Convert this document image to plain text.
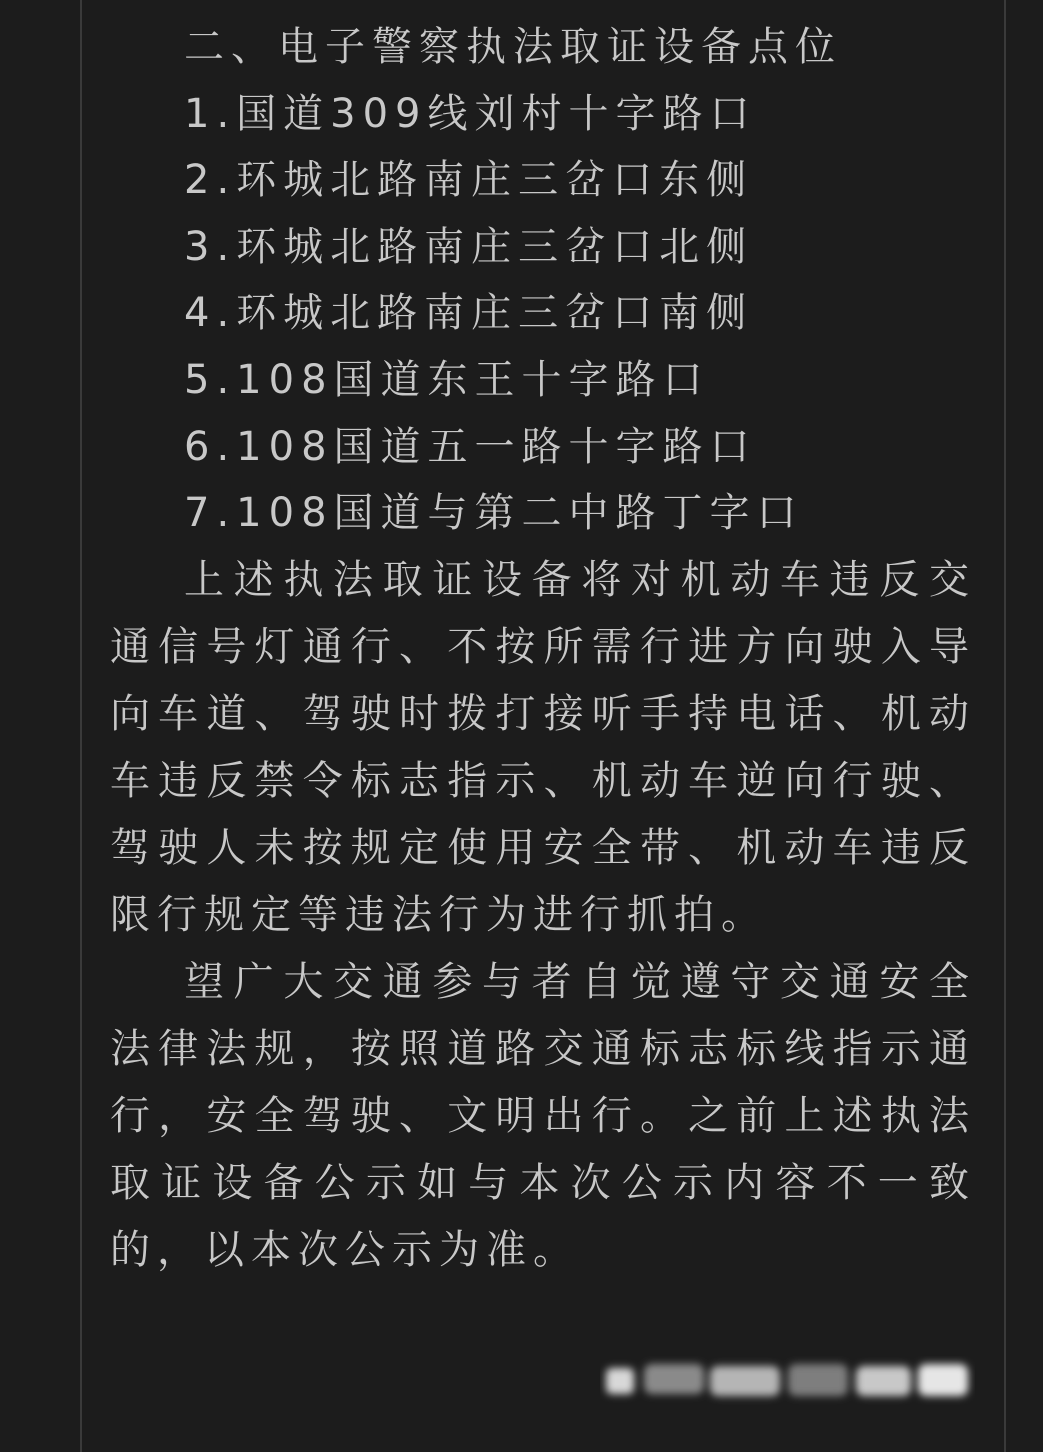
二、电子警察执法取证设备点位
1.国道309线刘村十字路口
2.环城北路南庄三岔口东侧
3.环城北路南庄三岔口北侧
4.环城北路南庄三岔口南侧
5.108国道东王十字路口
6.108国道五一路十字路口
7.108国道与第二中路丁字口

上述执法取证设备将对机动车违反交通信号灯通行、不按所需行进方向驶入导向车道、驾驶时拨打接听手持电话、机动车违反禁令标志指示、机动车逆向行驶、驾驶人未按规定使用安全带、机动车违反限行规定等违法行为进行抓拍。

望广大交通参与者自觉遵守交通安全法律法规，按照道路交通标志标线指示通行，安全驾驶、文明出行。之前上述执法取证设备公示如与本次公示内容不一致的，以本次公示为准。
